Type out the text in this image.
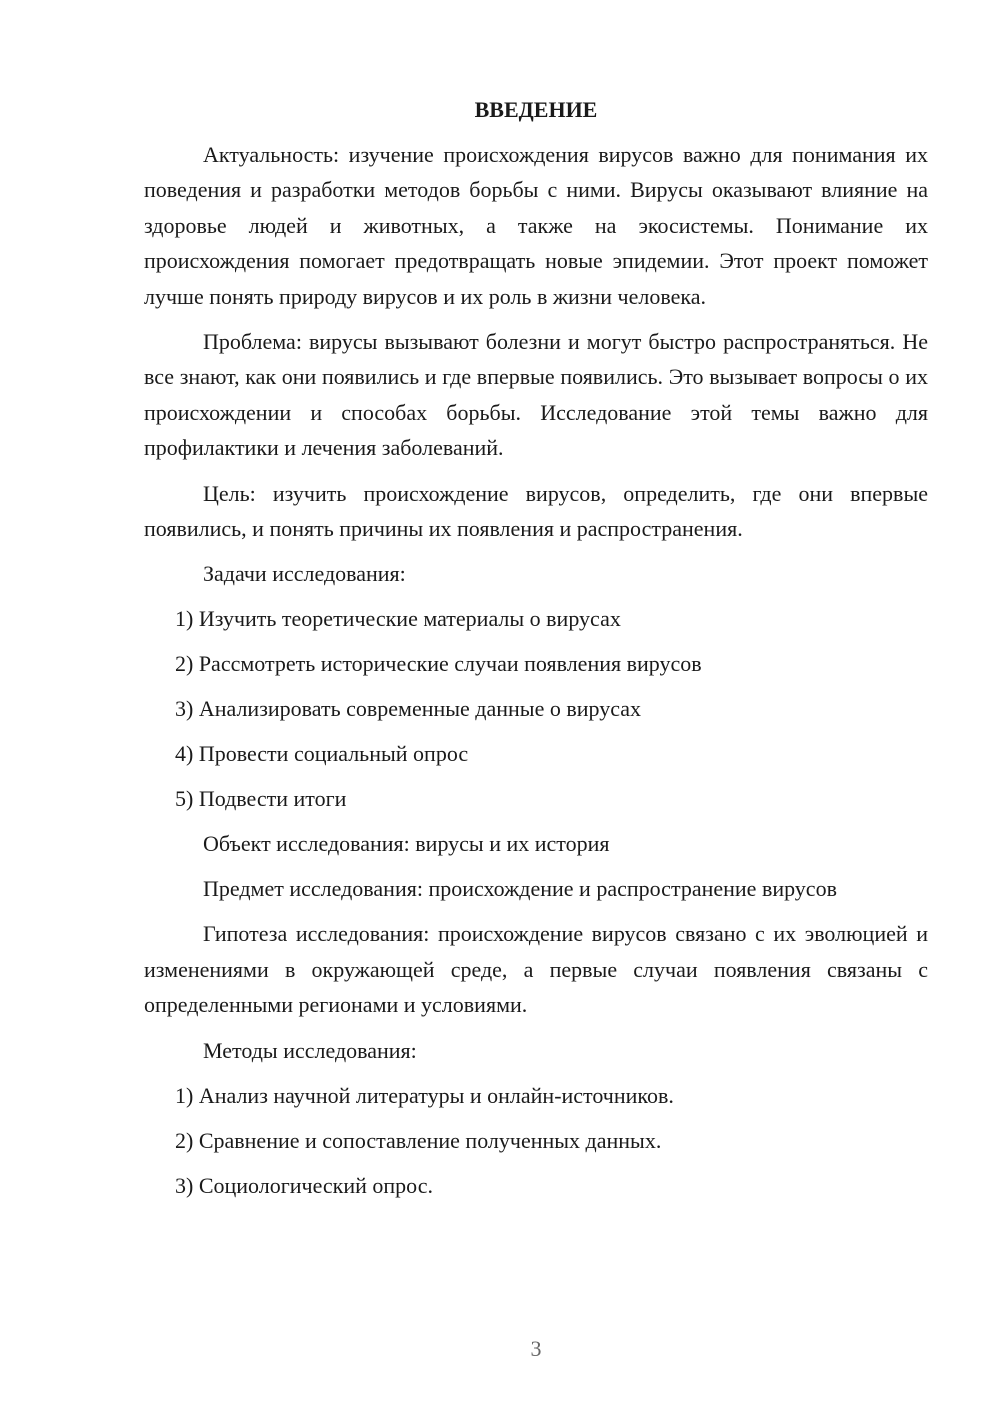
ВВЕДЕНИЕ

Актуальность: изучение происхождения вирусов важно для понимания их поведения и разработки методов борьбы с ними. Вирусы оказывают влияние на здоровье людей и животных, а также на экосистемы. Понимание их происхождения помогает предотвращать новые эпидемии. Этот проект поможет лучше понять природу вирусов и их роль в жизни человека.

Проблема: вирусы вызывают болезни и могут быстро распространяться. Не все знают, как они появились и где впервые появились. Это вызывает вопросы о их происхождении и способах борьбы. Исследование этой темы важно для профилактики и лечения заболеваний.

Цель: изучить происхождение вирусов, определить, где они впервые появились, и понять причины их появления и распространения.

Задачи исследования:
1) Изучить теоретические материалы о вирусах
2) Рассмотреть исторические случаи появления вирусов
3) Анализировать современные данные о вирусах
4) Провести социальный опрос
5) Подвести итоги
Объект исследования: вирусы и их история
Предмет исследования: происхождение и распространение вирусов

Гипотеза исследования: происхождение вирусов связано с их эволюцией и изменениями в окружающей среде, а первые случаи появления связаны с определенными регионами и условиями.

Методы исследования:
1) Анализ научной литературы и онлайн-источников.
2) Сравнение и сопоставление полученных данных.
3) Социологический опрос.
3
